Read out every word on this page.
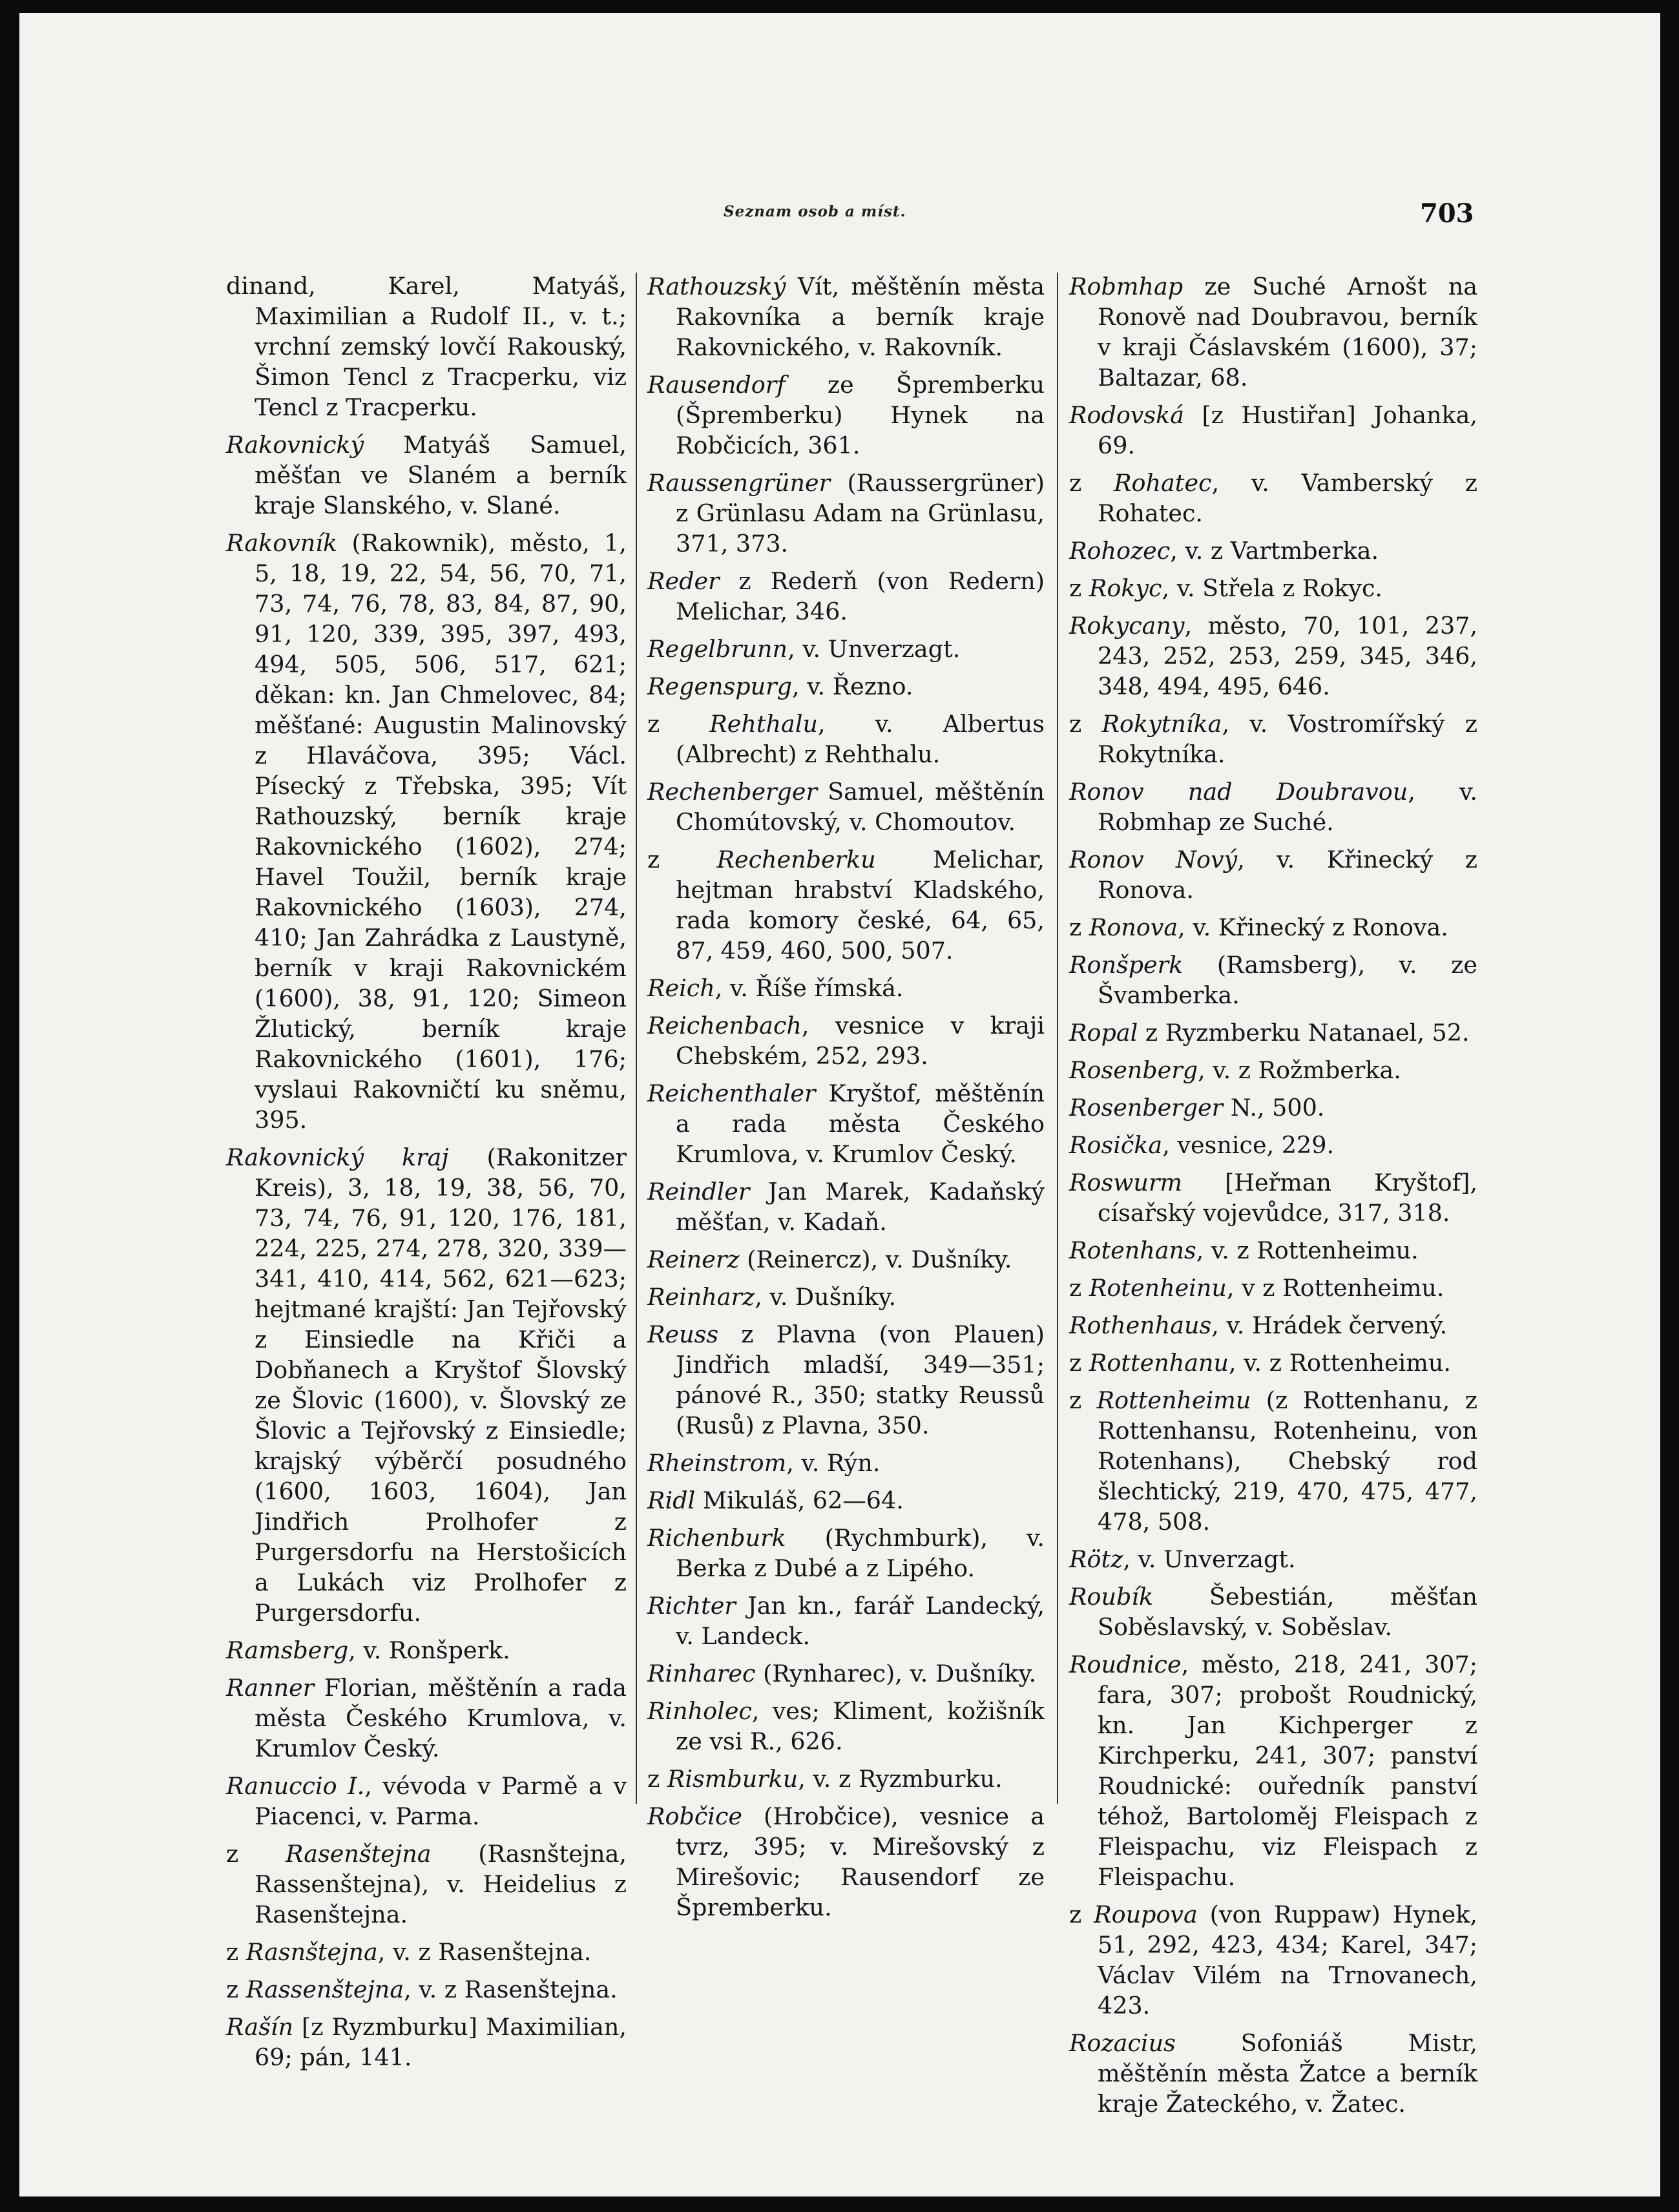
Seznam osob a míst.	703

dinand, Karel, Matyáš, Maximilian a Rudolf II., v. t.; vrchní zemský lovčí Rakouský, Šimon Tencl z Tracperku, viz Tencl z Tracperku.

Rakovnický Matyáš Samuel, měšťan ve Slaném a berník kraje Slanského, v. Slané.

Rakovník (Rakownik), město, 1, 5, 18, 19, 22, 54, 56, 70, 71, 73, 74, 76, 78, 83, 84, 87, 90, 91, 120, 339, 395, 397, 493, 494, 505, 506, 517, 621; děkan: kn. Jan Chmelovec, 84; měšťané: Augustin Malinovský z Hlaváčova, 395; Václ. Písecký z Třebska, 395; Vít Rathouzský, berník kraje Rakovnického (1602), 274; Havel Toužil, berník kraje Rakovnického (1603), 274, 410; Jan Zahrádka z Laustyně, berník v kraji Rakovnickém (1600), 38, 91, 120; Simeon Žlutický, berník kraje Rakovnického (1601), 176; vyslaui Rakovničtí ku sněmu, 395.

Rakovnický kraj (Rakonitzer Kreis), 3, 18, 19, 38, 56, 70, 73, 74, 76, 91, 120, 176, 181, 224, 225, 274, 278, 320, 339—341, 410, 414, 562, 621—623; hejtmané krajští: Jan Tejřovský z Einsiedle na Křiči a Dobňanech a Kryštof Šlovský ze Šlovic (1600), v. Šlovský ze Šlovic a Tejřovský z Einsiedle; krajský výběrčí posudného (1600, 1603, 1604), Jan Jindřich Prolhofer z Purgersdorfu na Herstošicích a Lukách viz Prolhofer z Purgersdorfu.

Ramsberg, v. Ronšperk.

Ranner Florian, měštěnín a rada města Českého Krumlova, v. Krumlov Český.

Ranuccio I., vévoda v Parmě a v Piacenci, v. Parma.

z Rasenštejna (Rasnštejna, Rassenštejna), v. Heidelius z Rasenštejna.

z Rasnštejna, v. z Rasenštejna.

z Rassenštejna, v. z Rasenštejna.

Rašín [z Ryzmburku] Maximilian, 69; pán, 141.

Rathouzský Vít, měštěnín města Rakovníka a berník kraje Rakovnického, v. Rakovník.

Rausendorf ze Špremberku (Špremberku) Hynek na Robčicích, 361.

Raussengrüner (Raussergrüner) z Grünlasu Adam na Grünlasu, 371, 373.

Reder z Rederň (von Redern) Melichar, 346.

Regelbrunn, v. Unverzagt.

Regenspurg, v. Řezno.

z Rehthalu, v. Albertus (Albrecht) z Rehthalu.

Rechenberger Samuel, měštěnín Chomútovský, v. Chomoutov.

z Rechenberku Melichar, hejtman hrabství Kladského, rada komory české, 64, 65, 87, 459, 460, 500, 507.

Reich, v. Říše římská.

Reichenbach, vesnice v kraji Chebském, 252, 293.

Reichenthaler Kryštof, měštěnín a rada města Českého Krumlova, v. Krumlov Český.

Reindler Jan Marek, Kadaňský měšťan, v. Kadaň.

Reinerz (Reinercz), v. Dušníky.

Reinharz, v. Dušníky.

Reuss z Plavna (von Plauen) Jindřich mladší, 349—351; pánové R., 350; statky Reussů (Rusů) z Plavna, 350.

Rheinstrom, v. Rýn.

Ridl Mikuláš, 62—64.

Richenburk (Rychmburk), v. Berka z Dubé a z Lipého.

Richter Jan kn., farář Landecký, v. Landeck.

Rinharec (Rynharec), v. Dušníky.

Rinholec, ves; Kliment, kožišník ze vsi R., 626.

z Rismburku, v. z Ryzmburku.

Robčice (Hrobčice), vesnice a tvrz, 395; v. Mirešovský z Mirešovic; Rausendorf ze Špremberku.

Robmhap ze Suché Arnošt na Ronově nad Doubravou, berník v kraji Čáslavském (1600), 37; Baltazar, 68.

Rodovská [z Hustiřan] Johanka, 69.

z Rohatec, v. Vamberský z Rohatec.

Rohozec, v. z Vartmberka.

z Rokyc, v. Střela z Rokyc.

Rokycany, město, 70, 101, 237, 243, 252, 253, 259, 345, 346, 348, 494, 495, 646.

z Rokytníka, v. Vostromířský z Rokytníka.

Ronov nad Doubravou, v. Robmhap ze Suché.

Ronov Nový, v. Křinecký z Ronova.

z Ronova, v. Křinecký z Ronova.

Ronšperk (Ramsberg), v. ze Švamberka.

Ropal z Ryzmberku Natanael, 52.

Rosenberg, v. z Rožmberka.

Rosenberger N., 500.

Rosička, vesnice, 229.

Roswurm [Heřman Kryštof], císařský vojevůdce, 317, 318.

Rotenhans, v. z Rottenheimu.

z Rotenheinu, v z Rottenheimu.

Rothenhaus, v. Hrádek červený.

z Rottenhanu, v. z Rottenheimu.

z Rottenheimu (z Rottenhanu, z Rottenhansu, Rotenheinu, von Rotenhans), Chebský rod šlechtický, 219, 470, 475, 477, 478, 508.

Rötz, v. Unverzagt.

Roubík Šebestián, měšťan Soběslavský, v. Soběslav.

Roudnice, město, 218, 241, 307; fara, 307; probošt Roudnický, kn. Jan Kichperger z Kirchperku, 241, 307; panství Roudnické: ouředník panství téhož, Bartoloměj Fleispach z Fleispachu, viz Fleispach z Fleispachu.

z Roupova (von Ruppaw) Hynek, 51, 292, 423, 434; Karel, 347; Václav Vilém na Trnovanech, 423.

Rozacius Sofoniáš Mistr, měštěnín města Žatce a berník kraje Žateckého, v. Žatec.
